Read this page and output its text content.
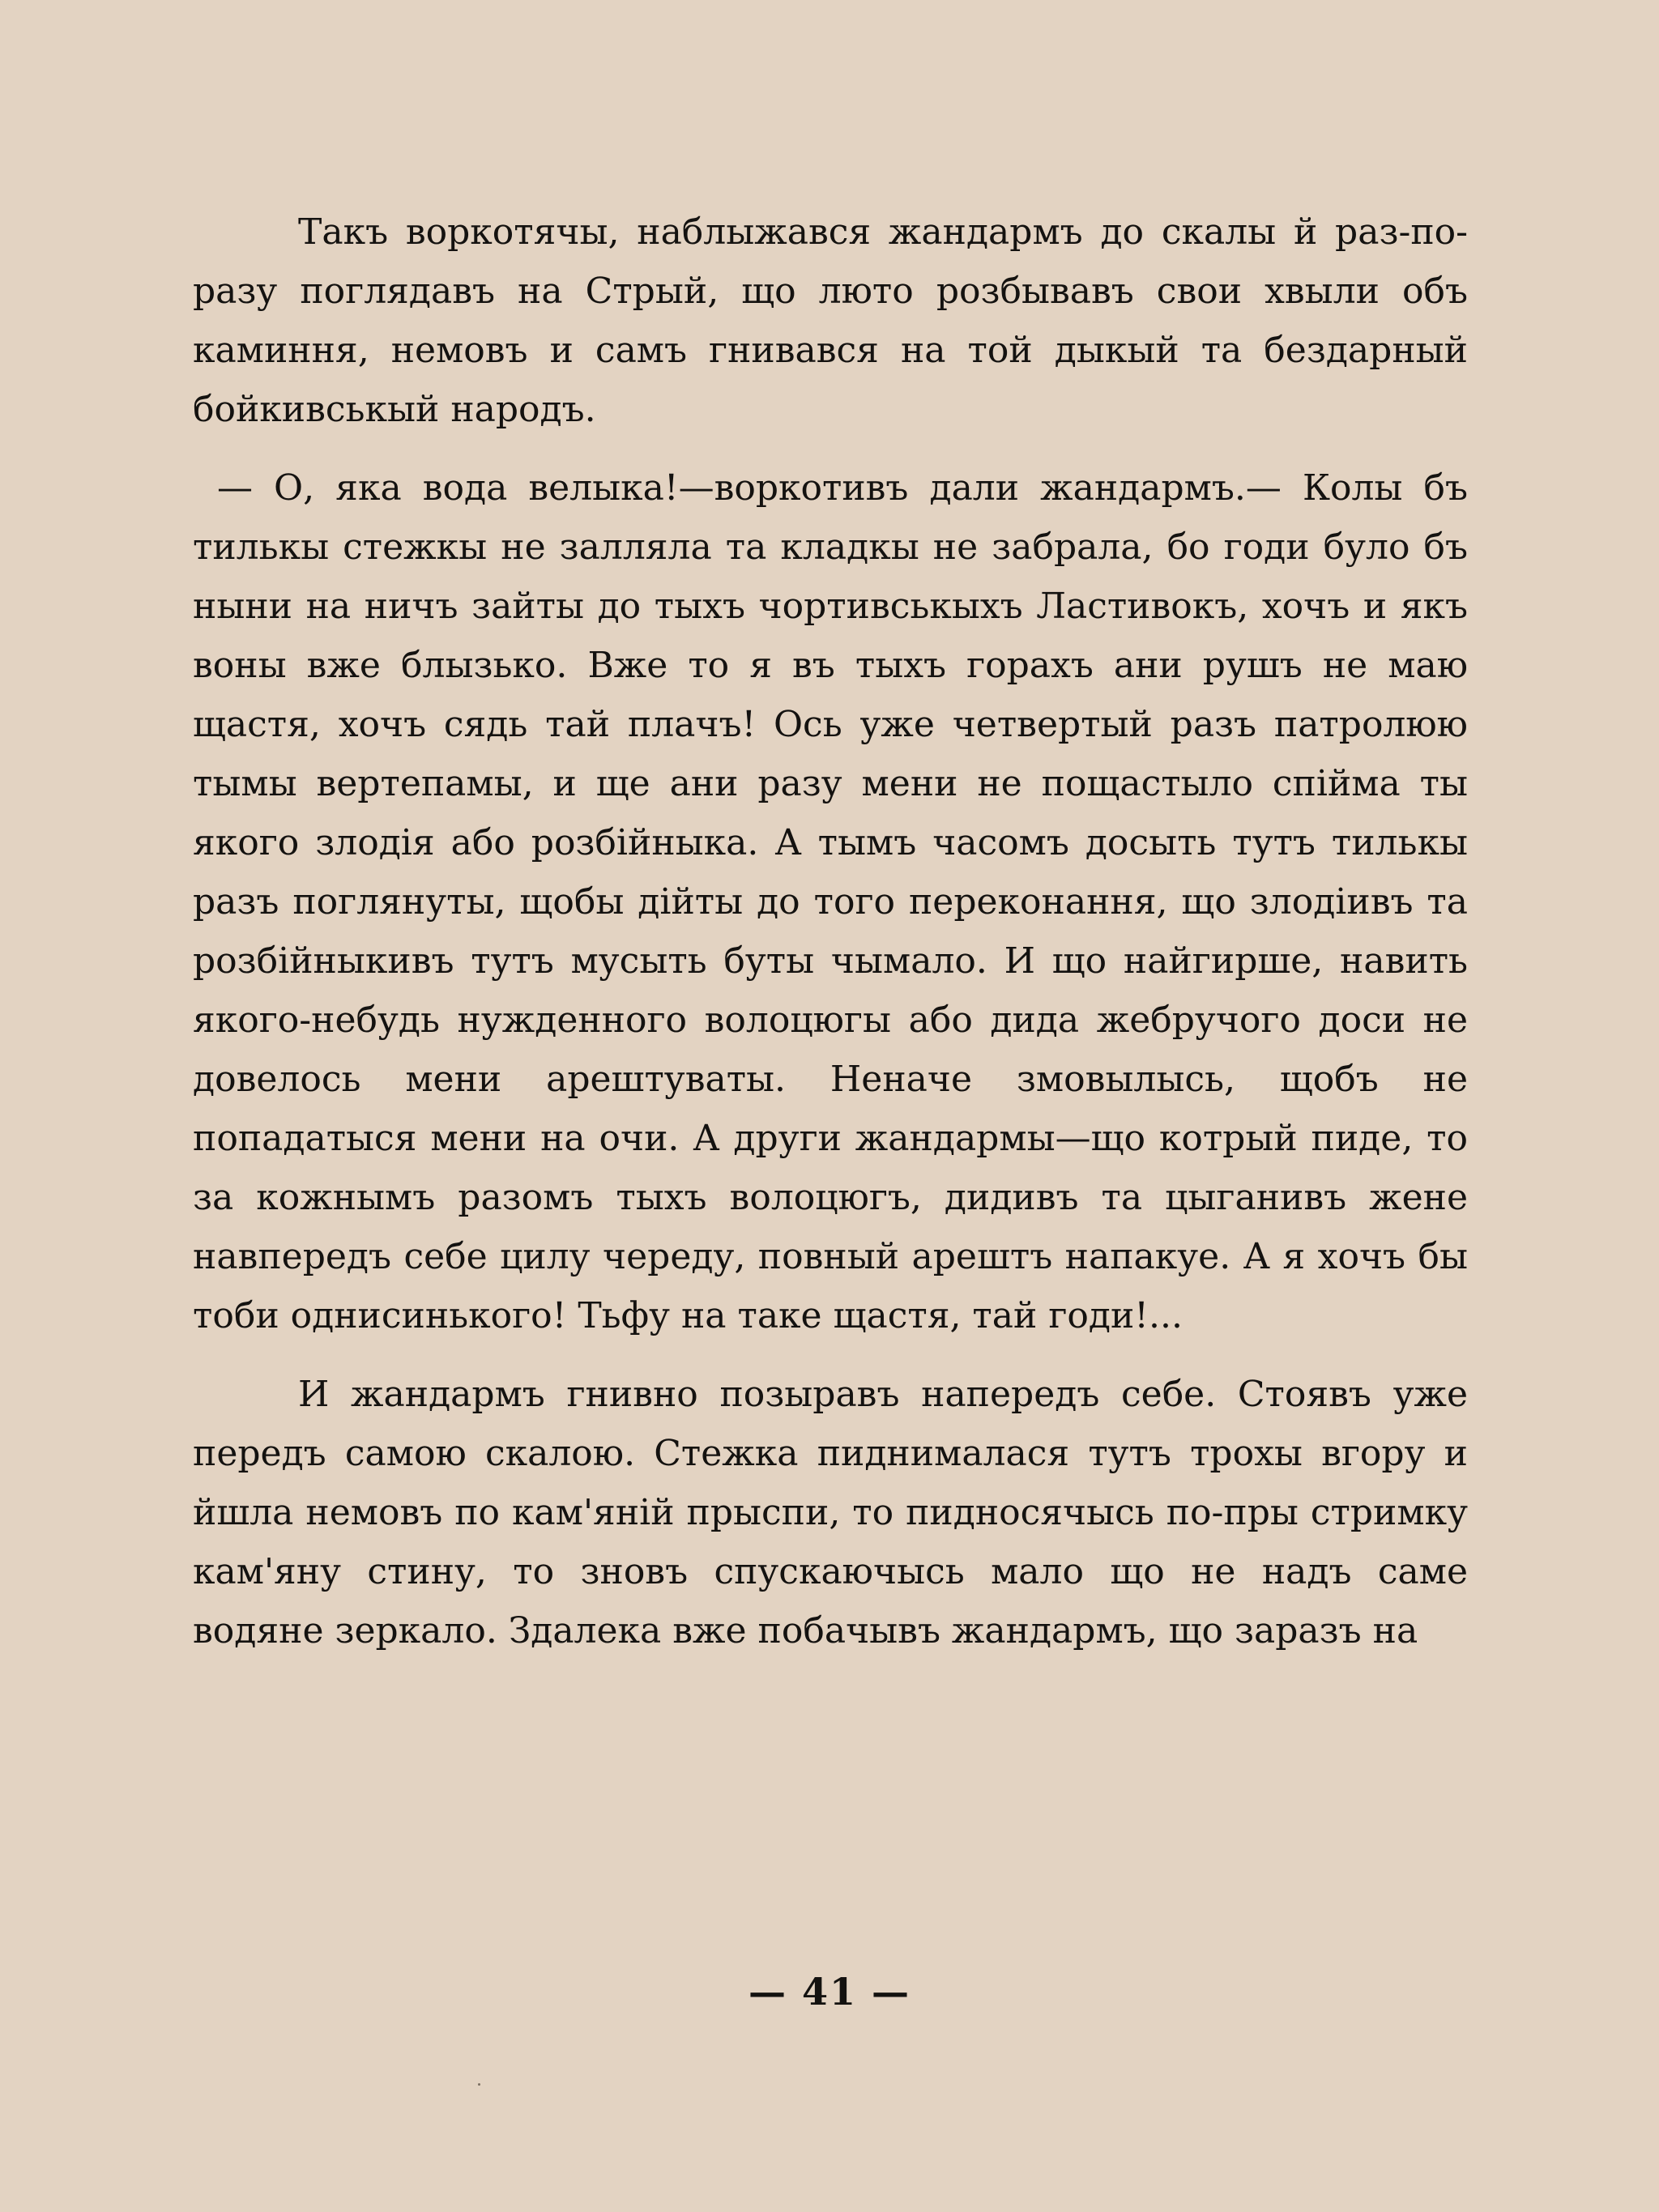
Такъ воркотячы, наблыжався жандармъ до скалы й раз-по-разу поглядавъ на Стрый, що люто розбывавъ свои хвыли объ каминня, немовъ и самъ гнивався на той дыкый та бездарный бойкивськый народъ.

— О, яка вода велыка!—воркотивъ дали жандармъ.— Колы бъ тилькы стежкы не залляла та кладкы не забрала, бо годи було бъ ныни на ничъ зайты до тыхъ чортивськыхъ Ластивокъ, хочъ и якъ воны вже блызько. Вже то я въ тыхъ горахъ ани рушъ не маю щастя, хочъ сядь тай плачъ! Ось уже четвертый разъ патролюю тымы вертепамы, и ще ани разу мени не пощастыло спійма ты якого злодія або розбійныка. А тымъ часомъ досыть тутъ тилькы разъ поглянуты, щобы дійты до того переконання, що злодіивъ та розбійныкивъ тутъ мусыть буты чымало. И що найгирше, навить якого-небудь нужденного волоцюгы або дида жебручого доси не довелось мени арештуваты. Неначе змовылысь, щобъ не попадатыся мени на очи. А други жандармы—що котрый пиде, то за кожнымъ разомъ тыхъ волоцюгъ, дидивъ та цыганивъ жене навпередъ себе цилу череду, повный арештъ напакуе. А я хочъ бы тоби однисинького! Тьфу на таке щастя, тай годи!...

И жандармъ гнивно позыравъ напередъ себе. Стоявъ уже передъ самою скалою. Стежка пиднималася тутъ трохы вгору и йшла немовъ по кам'яній прыспи, то пидносячысь по-пры стримку кам'яну стину, то зновъ спускаючысь мало що не надъ саме водяне зеркало. Здалека вже побачывъ жандармъ, що заразъ на

— 41 —
